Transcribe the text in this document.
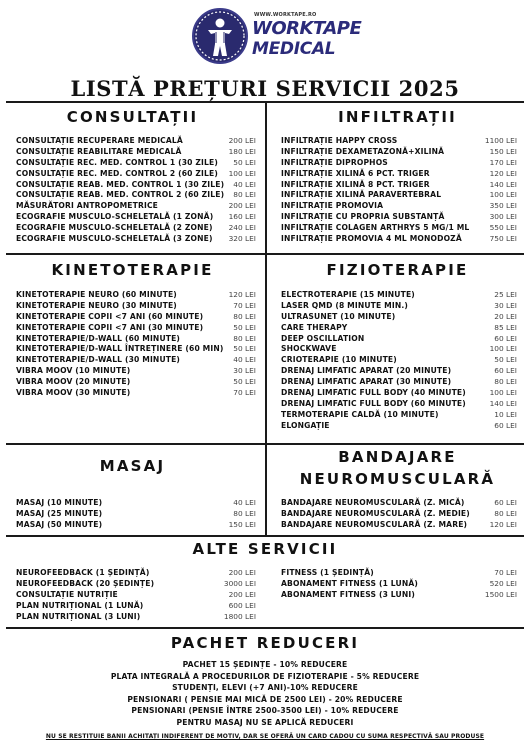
WWW.WORKTAPE.RO
WORKTAPE
MEDICAL
LISTĂ PREȚURI SERVICII 2025
CONSULTAȚII
CONSULTAȚIE RECUPERARE MEDICALĂ	200 LEI
CONSULTAȚIE REABILITARE MEDICALĂ	180 LEI
CONSULTAȚIE REC. MED. CONTROL 1 (30 ZILE) 50 LEI
CONSULTAȚIE REC. MED. CONTROL 2 (60 ZILE) 100 LEI
CONSULTAȚIE REAB. MED. CONTROL 1 (30 ZILE) 40 LEI
CONSULTAȚIE REAB. MED. CONTROL 2 (60 ZILE) 80 LEI
MĂSURĂTORI ANTROPOMETRICE	200 LEI
ECOGRAFIE MUSCULO-SCHELETALĂ (1 ZONĂ) 160 LEI
ECOGRAFIE MUSCULO-SCHELETALĂ (2 ZONE) 240 LEI
ECOGRAFIE MUSCULO-SCHELETALĂ (3 ZONE) 320 LEI
INFILTRAȚII
INFILTRAȚIE HAPPY CROSS	1100 LEI
INFILTRAȚIE DEXAMETAZONĂ+XILINĂ	150 LEI
INFILTRAȚIE DIPROPHOS	170 LEI
INFILTRAȚIE XILINĂ 6 PCT. TRIGER	120 LEI
INFILTRAȚIE XILINĂ 8 PCT. TRIGER	140 LEI
INFILTRAȚIE XILINĂ PARAVERTEBRAL	100 LEI
INFILTRAȚIE PROMOVIA	350 LEI
INFILTRAȚIE CU PROPRIA SUBSTANȚĂ	300 LEI
INFILTRAȚIE COLAGEN ARTHRYS 5 MG/1 ML	550 LEI
INFILTRAȚIE PROMOVIA 4 ML MONODOZĂ	750 LEI
KINETOTERAPIE
KINETOTERAPIE NEURO (60 MINUTE)	120 LEI
KINETOTERAPIE NEURO (30 MINUTE)	70 LEI
KINETOTERAPIE COPII <7 ANI (60 MINUTE)	80 LEI
KINETOTERAPIE COPII <7 ANI (30 MINUTE)	50 LEI
KINETOTERAPIE/D-WALL (60 MINUTE)	80 LEI
KINETOTERAPIE/D-WALL ÎNTREȚINERE (60 MIN) 50 LEI
KINETOTERAPIE/D-WALL (30 MINUTE)	40 LEI
VIBRA MOOV (10 MINUTE)	30 LEI
VIBRA MOOV (20 MINUTE)	50 LEI
VIBRA MOOV (30 MINUTE)	70 LEI
FIZIOTERAPIE
ELECTROTERAPIE (15 MINUTE)	25 LEI
LASER QMD (8 MINUTE MIN.)	30 LEI
ULTRASUNET (10 MINUTE)	20 LEI
CARE THERAPY	85 LEI
DEEP OSCILLATION	60 LEI
SHOCKWAVE	100 LEI
CRIOTERAPIE (10 MINUTE)	50 LEI
DRENAJ LIMFATIC APARAT (20 MINUTE)	60 LEI
DRENAJ LIMFATIC APARAT (30 MINUTE)	80 LEI
DRENAJ LIMFATIC FULL BODY (40 MINUTE)	100 LEI
DRENAJ LIMFATIC FULL BODY (60 MINUTE)	140 LEI
TERMOTERAPIE CALDĂ (10 MINUTE)	10 LEI
ELONGAȚIE	60 LEI
MASAJ
MASAJ (10 MINUTE)	40 LEI
MASAJ (25 MINUTE)	80 LEI
MASAJ (50 MINUTE)	150 LEI
BANDAJARE
NEUROMUSCULARĂ
BANDAJARE NEUROMUSCULARĂ (Z. MICĂ)	60 LEI
BANDAJARE NEUROMUSCULARĂ (Z. MEDIE)	80 LEI
BANDAJARE NEUROMUSCULARĂ (Z. MARE)	120 LEI
ALTE SERVICII
NEUROFEEDBACK (1 ȘEDINȚĂ)	200 LEI
NEUROFEEDBACK (20 ȘEDINȚE)	3000 LEI
CONSULTAȚIE NUTRIȚIE	200 LEI
PLAN NUTRIȚIONAL (1 LUNĂ)	600 LEI
PLAN NUTRIȚIONAL (3 LUNI)	1800 LEI
FITNESS (1 ȘEDINȚĂ)	70 LEI
ABONAMENT FITNESS (1 LUNĂ)	520 LEI
ABONAMENT FITNESS (3 LUNI)	1500 LEI
PACHET REDUCERI
PACHET 15 ȘEDINȚE - 10% REDUCERE
PLATA INTEGRALĂ A PROCEDURILOR DE FIZIOTERAPIE - 5% REDUCERE
STUDENȚI, ELEVI (+7 ANI)-10% REDUCERE
PENSIONARI ( PENSIE MAI MICĂ DE 2500 LEI) - 20% REDUCERE
PENSIONARI (PENSIE ÎNTRE 2500-3500 LEI) - 10% REDUCERE
PENTRU MASAJ NU SE APLICĂ REDUCERI
NU SE RESTITUIE BANII ACHITAȚI INDIFERENT DE MOTIV, DAR SE OFERĂ UN CARD CADOU CU SUMA RESPECTIVĂ SAU PRODUSE
